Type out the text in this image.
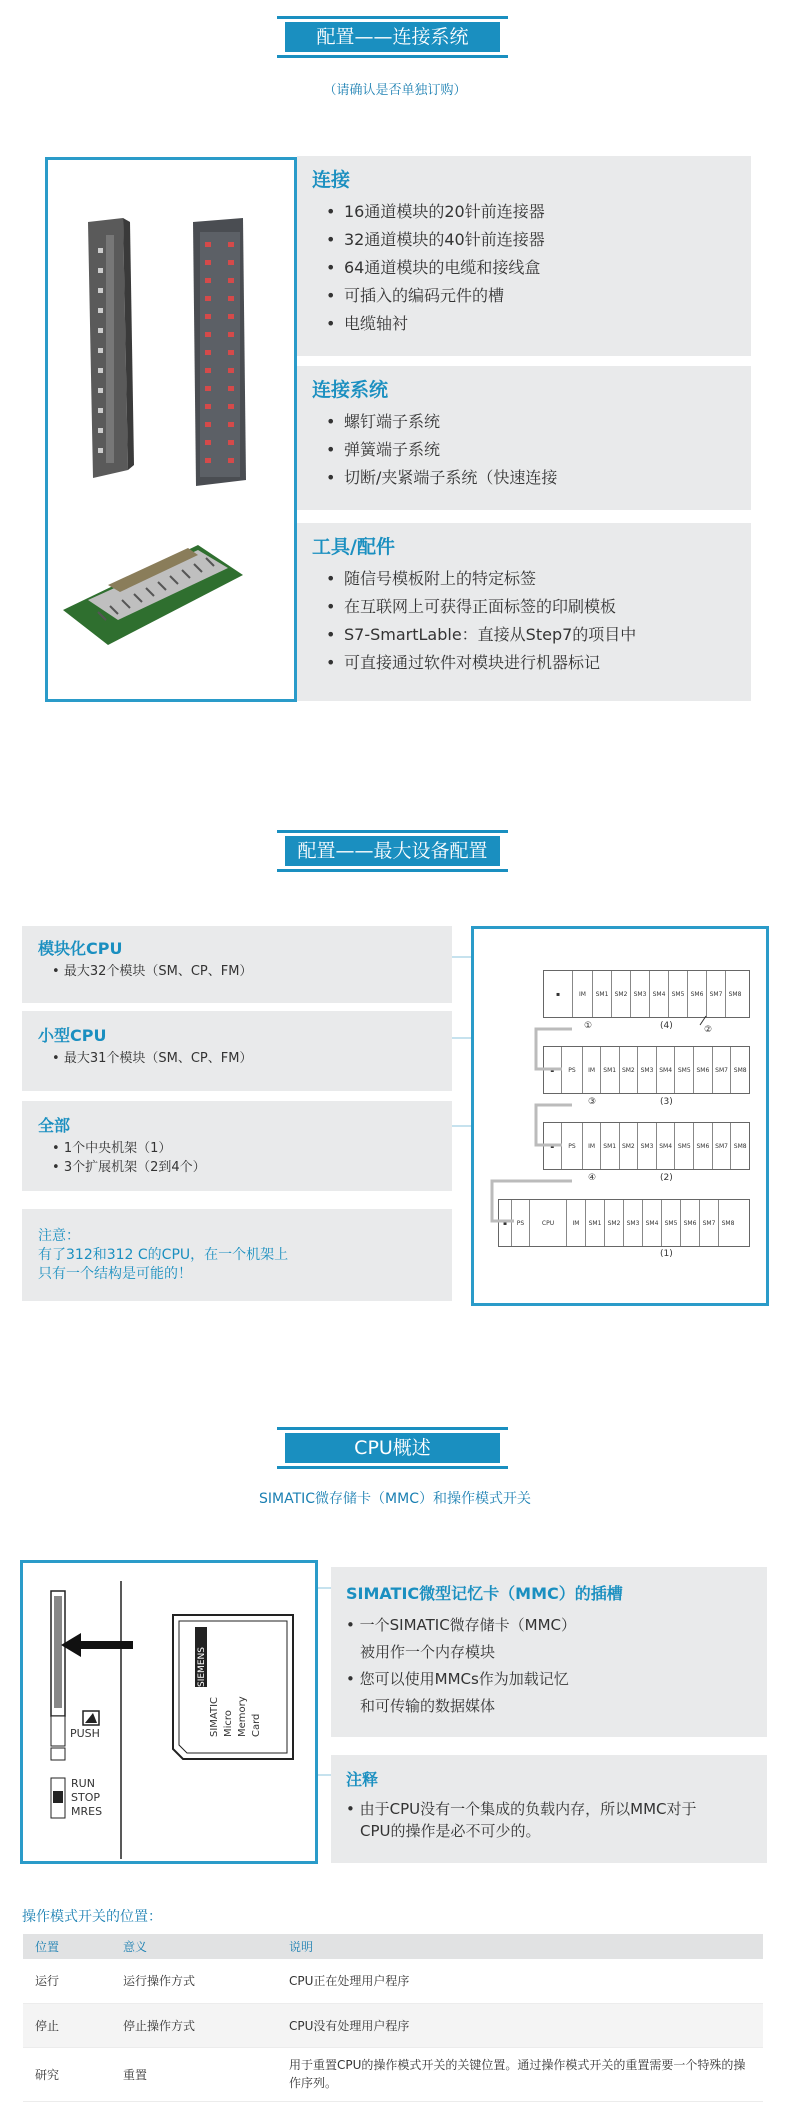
配置——连接系统
（请确认是否单独订购）
连接
• 16通道模块的20针前连接器
• 32通道模块的40针前连接器
• 64通道模块的电缆和接线盒
• 可插入的编码元件的槽
• 电缆轴衬
连接系统
• 螺钉端子系统
• 弹簧端子系统
• 切断/夹紧端子系统（快速连接
工具/配件
• 随信号模板附上的特定标签
• 在互联网上可获得正面标签的印刷模板
• S7-SmartLable：直接从Step7的项目中
• 可直接通过软件对模块进行机器标记
配置——最大设备配置
模块化CPU
• 最大32个模块（SM、CP、FM）
小型CPU
• 最大31个模块（SM、CP、FM）
全部
• 1个中央机架（1）
• 3个扩展机架（2到4个）
注意：
有了312和312 C的CPU，在一个机架上
只有一个结构是可能的！
▪	IM	SM1	SM2	SM3	SM4	SM5	SM6	SM7	SM8
①	(4)	②
▪	PS	IM	SM1 SM2 SM3 SM4 SM5 SM6 SM7 SM8
③	(3)
▪	PS	IM	SM1 SM2 SM3 SM4 SM5 SM6 SM7 SM8
④	(2)
▪	PS	CPU	IM	SM1	SM2	SM3	SM4	SM5	SM6	SM7	SM8
(1)
CPU概述
SIMATIC微存储卡（MMC）和操作模式开关
SIEMENS
SIMATIC Micro Memory Card
PUSH
RUN
STOP
MRES
SIMATIC微型记忆卡（MMC）的插槽
• 一个SIMATIC微存储卡（MMC）
被用作一个内存模块
• 您可以使用MMCs作为加载记忆
和可传输的数据媒体
注释
• 由于CPU没有一个集成的负载内存，所以MMC对于
CPU的操作是必不可少的。
操作模式开关的位置：
位置	意义	说明
运行	运行操作方式	CPU正在处理用户程序
停止	停止操作方式	CPU没有处理用户程序
研究	重置	用于重置CPU的操作模式开关的关键位置。通过操作模式开关的重置需要一个特殊的操作序列。
